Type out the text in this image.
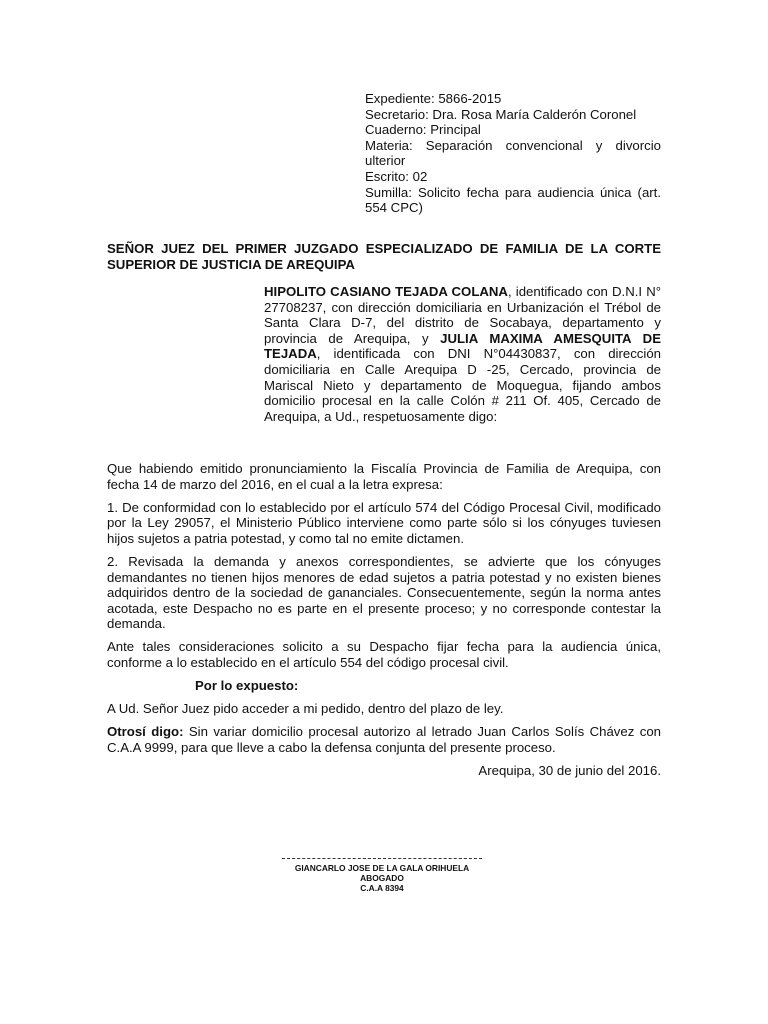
Expediente: 5866-2015

Secretario: Dra. Rosa María Calderón Coronel

Cuaderno: Principal

Materia: Separación convencional y divorcio ulterior

Escrito: 02

Sumilla: Solicito fecha para audiencia única (art. 554 CPC)

SEÑOR JUEZ DEL PRIMER JUZGADO ESPECIALIZADO DE FAMILIA DE LA CORTE SUPERIOR DE JUSTICIA DE AREQUIPA

HIPOLITO CASIANO TEJADA COLANA, identificado con D.N.I N° 27708237, con dirección domiciliaria en Urbanización el Trébol de Santa Clara D-7, del distrito de Socabaya, departamento y provincia de Arequipa, y JULIA MAXIMA AMESQUITA DE TEJADA, identificada con DNI N°04430837, con dirección domiciliaria en Calle Arequipa D -25, Cercado, provincia de Mariscal Nieto y departamento de Moquegua, fijando ambos domicilio procesal en la calle Colón # 211 Of. 405, Cercado de Arequipa, a Ud., respetuosamente digo:

Que habiendo emitido pronunciamiento la Fiscalía Provincia de Familia de Arequipa, con fecha 14 de marzo del 2016, en el cual a la letra expresa:

1. De conformidad con lo establecido por el artículo 574 del Código Procesal Civil, modificado por la Ley 29057, el Ministerio Público interviene como parte sólo si los cónyuges tuviesen hijos sujetos a patria potestad, y como tal no emite dictamen.

2. Revisada la demanda y anexos correspondientes, se advierte que los cónyuges demandantes no tienen hijos menores de edad sujetos a patria potestad y no existen bienes adquiridos dentro de la sociedad de gananciales. Consecuentemente, según la norma antes acotada, este Despacho no es parte en el presente proceso; y no corresponde contestar la demanda.

Ante tales consideraciones solicito a su Despacho fijar fecha para la audiencia única, conforme a lo establecido en el artículo 554 del código procesal civil.

Por lo expuesto:

A Ud. Señor Juez pido acceder a mi pedido, dentro del plazo de ley.

Otrosí digo: Sin variar domicilio procesal autorizo al letrado Juan Carlos Solís Chávez con C.A.A 9999, para que lleve a cabo la defensa conjunta del presente proceso.

Arequipa, 30 de junio del 2016.

GIANCARLO JOSE DE LA GALA ORIHUELA
ABOGADO
C.A.A 8394
